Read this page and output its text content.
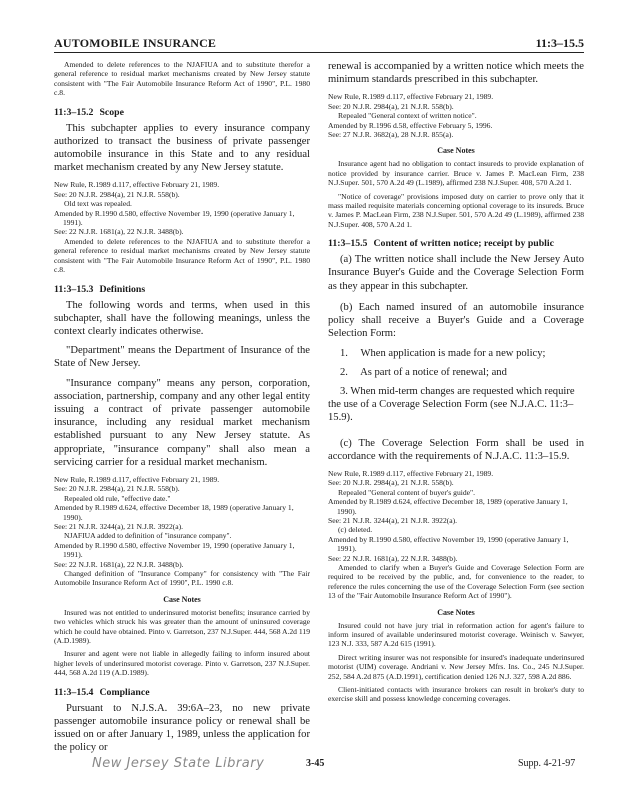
AUTOMOBILE INSURANCE	11:3–15.5

Amended to delete references to the NJAFIUA and to substitute therefor a general reference to residual market mechanisms created by New Jersey statute consistent with "The Fair Automobile Insurance Reform Act of 1990", P.L. 1980 c.8.

11:3–15.2 Scope

This subchapter applies to every insurance company authorized to transact the business of private passenger automobile insurance in this State and to any residual market mechanism created by any New Jersey statute.

New Rule, R.1989 d.117, effective February 21, 1989.

See: 20 N.J.R. 2984(a), 21 N.J.R. 558(b).

Old text was repealed.

Amended by R.1990 d.580, effective November 19, 1990 (operative January 1, 1991).

See: 22 N.J.R. 1681(a), 22 N.J.R. 3488(b).

Amended to delete references to the NJAFIUA and to substitute therefor a general reference to residual market mechanisms created by New Jersey statute consistent with "The Fair Automobile Insurance Reform Act of 1990", P.L. 1980 c.8.

11:3–15.3 Definitions

The following words and terms, when used in this subchapter, shall have the following meanings, unless the context clearly indicates otherwise.

"Department" means the Department of Insurance of the State of New Jersey.

"Insurance company" means any person, corporation, association, partnership, company and any other legal entity issuing a contract of private passenger automobile insurance, including any residual market mechanism established pursuant to any New Jersey statute. As appropriate, "insurance company" shall also mean a servicing carrier for a residual market mechanism.

New Rule, R.1989 d.117, effective February 21, 1989.

See: 20 N.J.R. 2984(a), 21 N.J.R. 558(b).

Repealed old rule, "effective date."

Amended by R.1989 d.624, effective December 18, 1989 (operative January 1, 1990).

See: 21 N.J.R. 3244(a), 21 N.J.R. 3922(a).

NJAFIUA added to definition of "insurance company".

Amended by R.1990 d.580, effective November 19, 1990 (operative January 1, 1991).

See: 22 N.J.R. 1681(a), 22 N.J.R. 3488(b).

Changed definition of "Insurance Company" for consistency with "The Fair Automobile Insurance Reform Act of 1990", P.L. 1990 c.8.

Case Notes

Insured was not entitled to underinsured motorist benefits; insurance carried by two vehicles which struck his was greater than the amount of uninsured coverage which he could have obtained. Pinto v. Garretson, 237 N.J.Super. 444, 568 A.2d 119 (A.D.1989).

Insurer and agent were not liable in allegedly failing to inform insured about higher levels of underinsured motorist coverage. Pinto v. Garretson, 237 N.J.Super. 444, 568 A.2d 119 (A.D.1989).

11:3–15.4 Compliance

Pursuant to N.J.S.A. 39:6A–23, no new private passenger automobile insurance policy or renewal shall be issued on or after January 1, 1989, unless the application for the policy or

renewal is accompanied by a written notice which meets the minimum standards prescribed in this subchapter.

New Rule, R.1989 d.117, effective February 21, 1989.

See: 20 N.J.R. 2984(a), 21 N.J.R. 558(b).

Repealed "General context of written notice".

Amended by R.1996 d.58, effective February 5, 1996.

See: 27 N.J.R. 3682(a), 28 N.J.R. 855(a).

Case Notes

Insurance agent had no obligation to contact insureds to provide explanation of notice provided by insurance carrier. Bruce v. James P. MacLean Firm, 238 N.J.Super. 501, 570 A.2d 49 (L.1989), affirmed 238 N.J.Super. 408, 570 A.2d 1.

"Notice of coverage" provisions imposed duty on carrier to prove only that it mass mailed requisite materials concerning optional coverage to its insureds. Bruce v. James P. MacLean Firm, 238 N.J.Super. 501, 570 A.2d 49 (L.1989), affirmed 238 N.J.Super. 408, 570 A.2d 1.

11:3–15.5 Content of written notice; receipt by public

(a) The written notice shall include the New Jersey Auto Insurance Buyer's Guide and the Coverage Selection Form as they appear in this subchapter.

(b) Each named insured of an automobile insurance policy shall receive a Buyer's Guide and a Coverage Selection Form:

1. When application is made for a new policy;

2. As part of a notice of renewal; and

3. When mid-term changes are requested which require the use of a Coverage Selection Form (see N.J.A.C. 11:3–15.9).

(c) The Coverage Selection Form shall be used in accordance with the requirements of N.J.A.C. 11:3–15.9.

New Rule, R.1989 d.117, effective February 21, 1989.

See: 20 N.J.R. 2984(a), 21 N.J.R. 558(b).

Repealed "General content of buyer's guide".

Amended by R.1989 d.624, effective December 18, 1989 (operative January 1, 1990).

See: 21 N.J.R. 3244(a), 21 N.J.R. 3922(a).

(c) deleted.

Amended by R.1990 d.580, effective November 19, 1990 (operative January 1, 1991).

See: 22 N.J.R. 1681(a), 22 N.J.R. 3488(b).

Amended to clarify when a Buyer's Guide and Coverage Selection Form are required to be received by the public, and, for convenience to the reader, to reference the rules concerning the use of the Coverage Selection Form (see section 13 of the "Fair Automobile Insurance Reform Act of 1990").

Case Notes

Insured could not have jury trial in reformation action for agent's failure to inform insured of available underinsured motorist coverage. Weinisch v. Sawyer, 123 N.J. 333, 587 A.2d 615 (1991).

Direct writing insurer was not responsible for insured's inadequate underinsured motorist (UIM) coverage. Andriani v. New Jersey Mfrs. Ins. Co., 245 N.J.Super. 252, 584 A.2d 875 (A.D.1991), certification denied 126 N.J. 327, 598 A.2d 886.

Client-initiated contacts with insurance brokers can result in broker's duty to exercise skill and possess knowledge concerning coverages.

New Jersey State Library	3-45	Supp. 4-21-97
